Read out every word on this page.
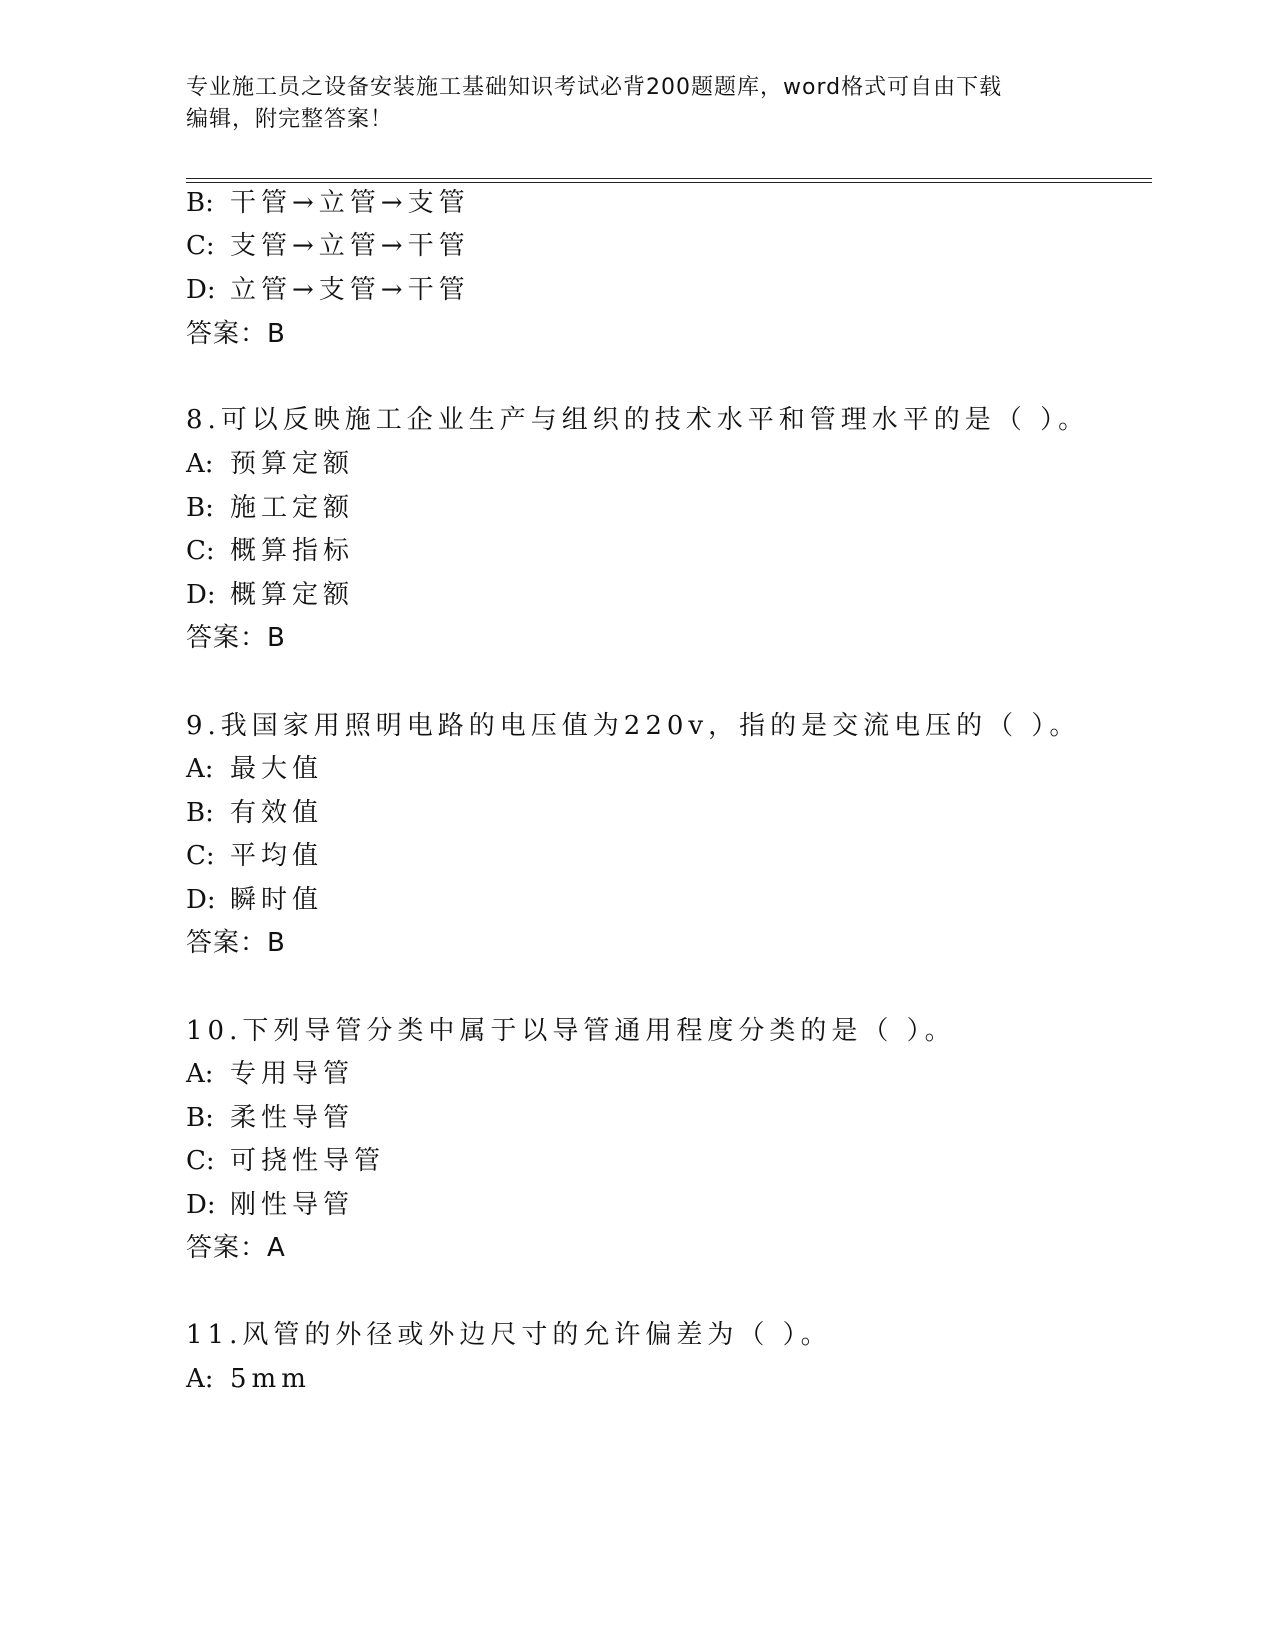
专业施工员之设备安装施工基础知识考试必背200题题库，word格式可自由下载
编辑，附完整答案！
B: 干管→立管→支管
C: 支管→立管→干管
D: 立管→支管→干管
答案：B
8.可以反映施工企业生产与组织的技术水平和管理水平的是（ ）。
A: 预算定额
B: 施工定额
C: 概算指标
D: 概算定额
答案：B
9.我国家用照明电路的电压值为220v，指的是交流电压的（ ）。
A: 最大值
B: 有效值
C: 平均值
D: 瞬时值
答案：B
10.下列导管分类中属于以导管通用程度分类的是（ ）。
A: 专用导管
B: 柔性导管
C: 可挠性导管
D: 刚性导管
答案：A
11.风管的外径或外边尺寸的允许偏差为（ ）。
A: 5mm
